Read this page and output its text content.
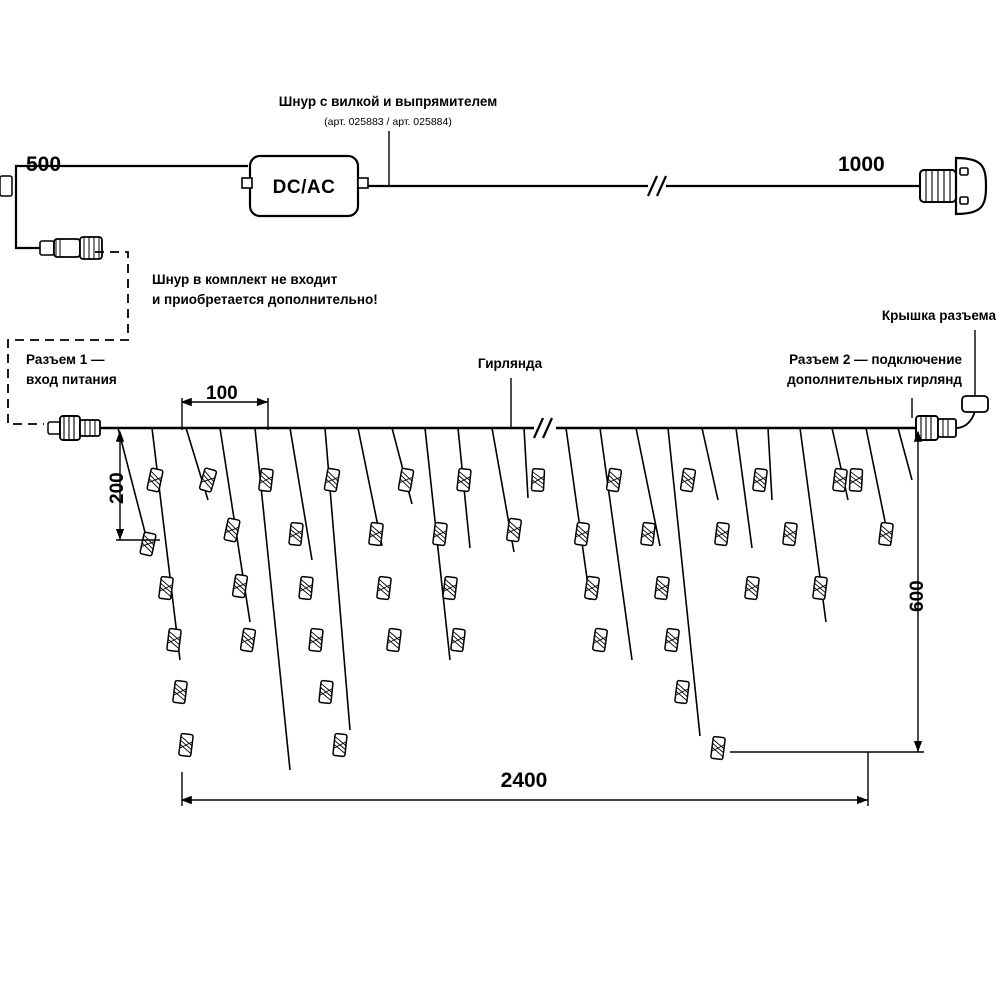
Шнур с вилкой и выпрямителем
(арт. 025883 / арт. 025884)
500	1000
DC/AC
Шнур в комплект не входит
и приобретается дополнительно!
Разъем 1 —
вход питания
Гирлянда	Разъем 2 — подключение
дополнительных гирлянд
Крышка разъема
100
200
600
2400
